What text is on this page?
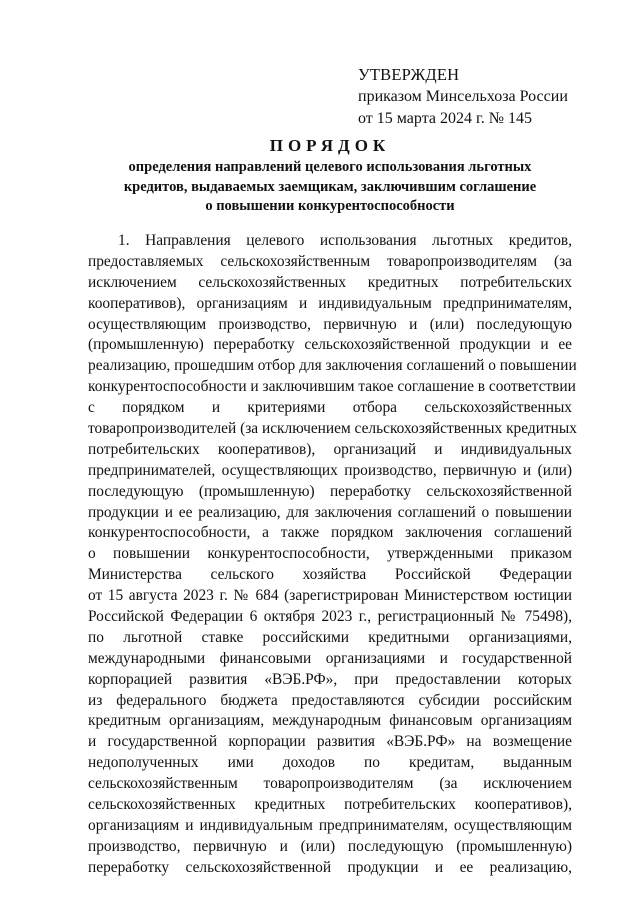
УТВЕРЖДЕН
приказом Минсельхоза России
от 15 марта 2024 г. № 145
ПОРЯДОК
определения направлений целевого использования льготных
кредитов, выдаваемых заемщикам, заключившим соглашение
о повышении конкурентоспособности
1. Направления целевого использования льготных кредитов,
предоставляемых сельскохозяйственным товаропроизводителям (за
исключением сельскохозяйственных кредитных потребительских
кооперативов), организациям и индивидуальным предпринимателям,
осуществляющим производство, первичную и (или) последующую
(промышленную) переработку сельскохозяйственной продукции и ее
реализацию, прошедшим отбор для заключения соглашений о повышении
конкурентоспособности и заключившим такое соглашение в соответствии
с порядком и критериями отбора сельскохозяйственных
товаропроизводителей (за исключением сельскохозяйственных кредитных
потребительских кооперативов), организаций и индивидуальных
предпринимателей, осуществляющих производство, первичную и (или)
последующую (промышленную) переработку сельскохозяйственной
продукции и ее реализацию, для заключения соглашений о повышении
конкурентоспособности, а также порядком заключения соглашений
о повышении конкурентоспособности, утвержденными приказом
Министерства сельского хозяйства Российской Федерации
от 15 августа 2023 г. № 684 (зарегистрирован Министерством юстиции
Российской Федерации 6 октября 2023 г., регистрационный № 75498),
по льготной ставке российскими кредитными организациями,
международными финансовыми организациями и государственной
корпорацией развития «ВЭБ.РФ», при предоставлении которых
из федерального бюджета предоставляются субсидии российским
кредитным организациям, международным финансовым организациям
и государственной корпорации развития «ВЭБ.РФ» на возмещение
недополученных ими доходов по кредитам, выданным
сельскохозяйственным товаропроизводителям (за исключением
сельскохозяйственных кредитных потребительских кооперативов),
организациям и индивидуальным предпринимателям, осуществляющим
производство, первичную и (или) последующую (промышленную)
переработку сельскохозяйственной продукции и ее реализацию,
